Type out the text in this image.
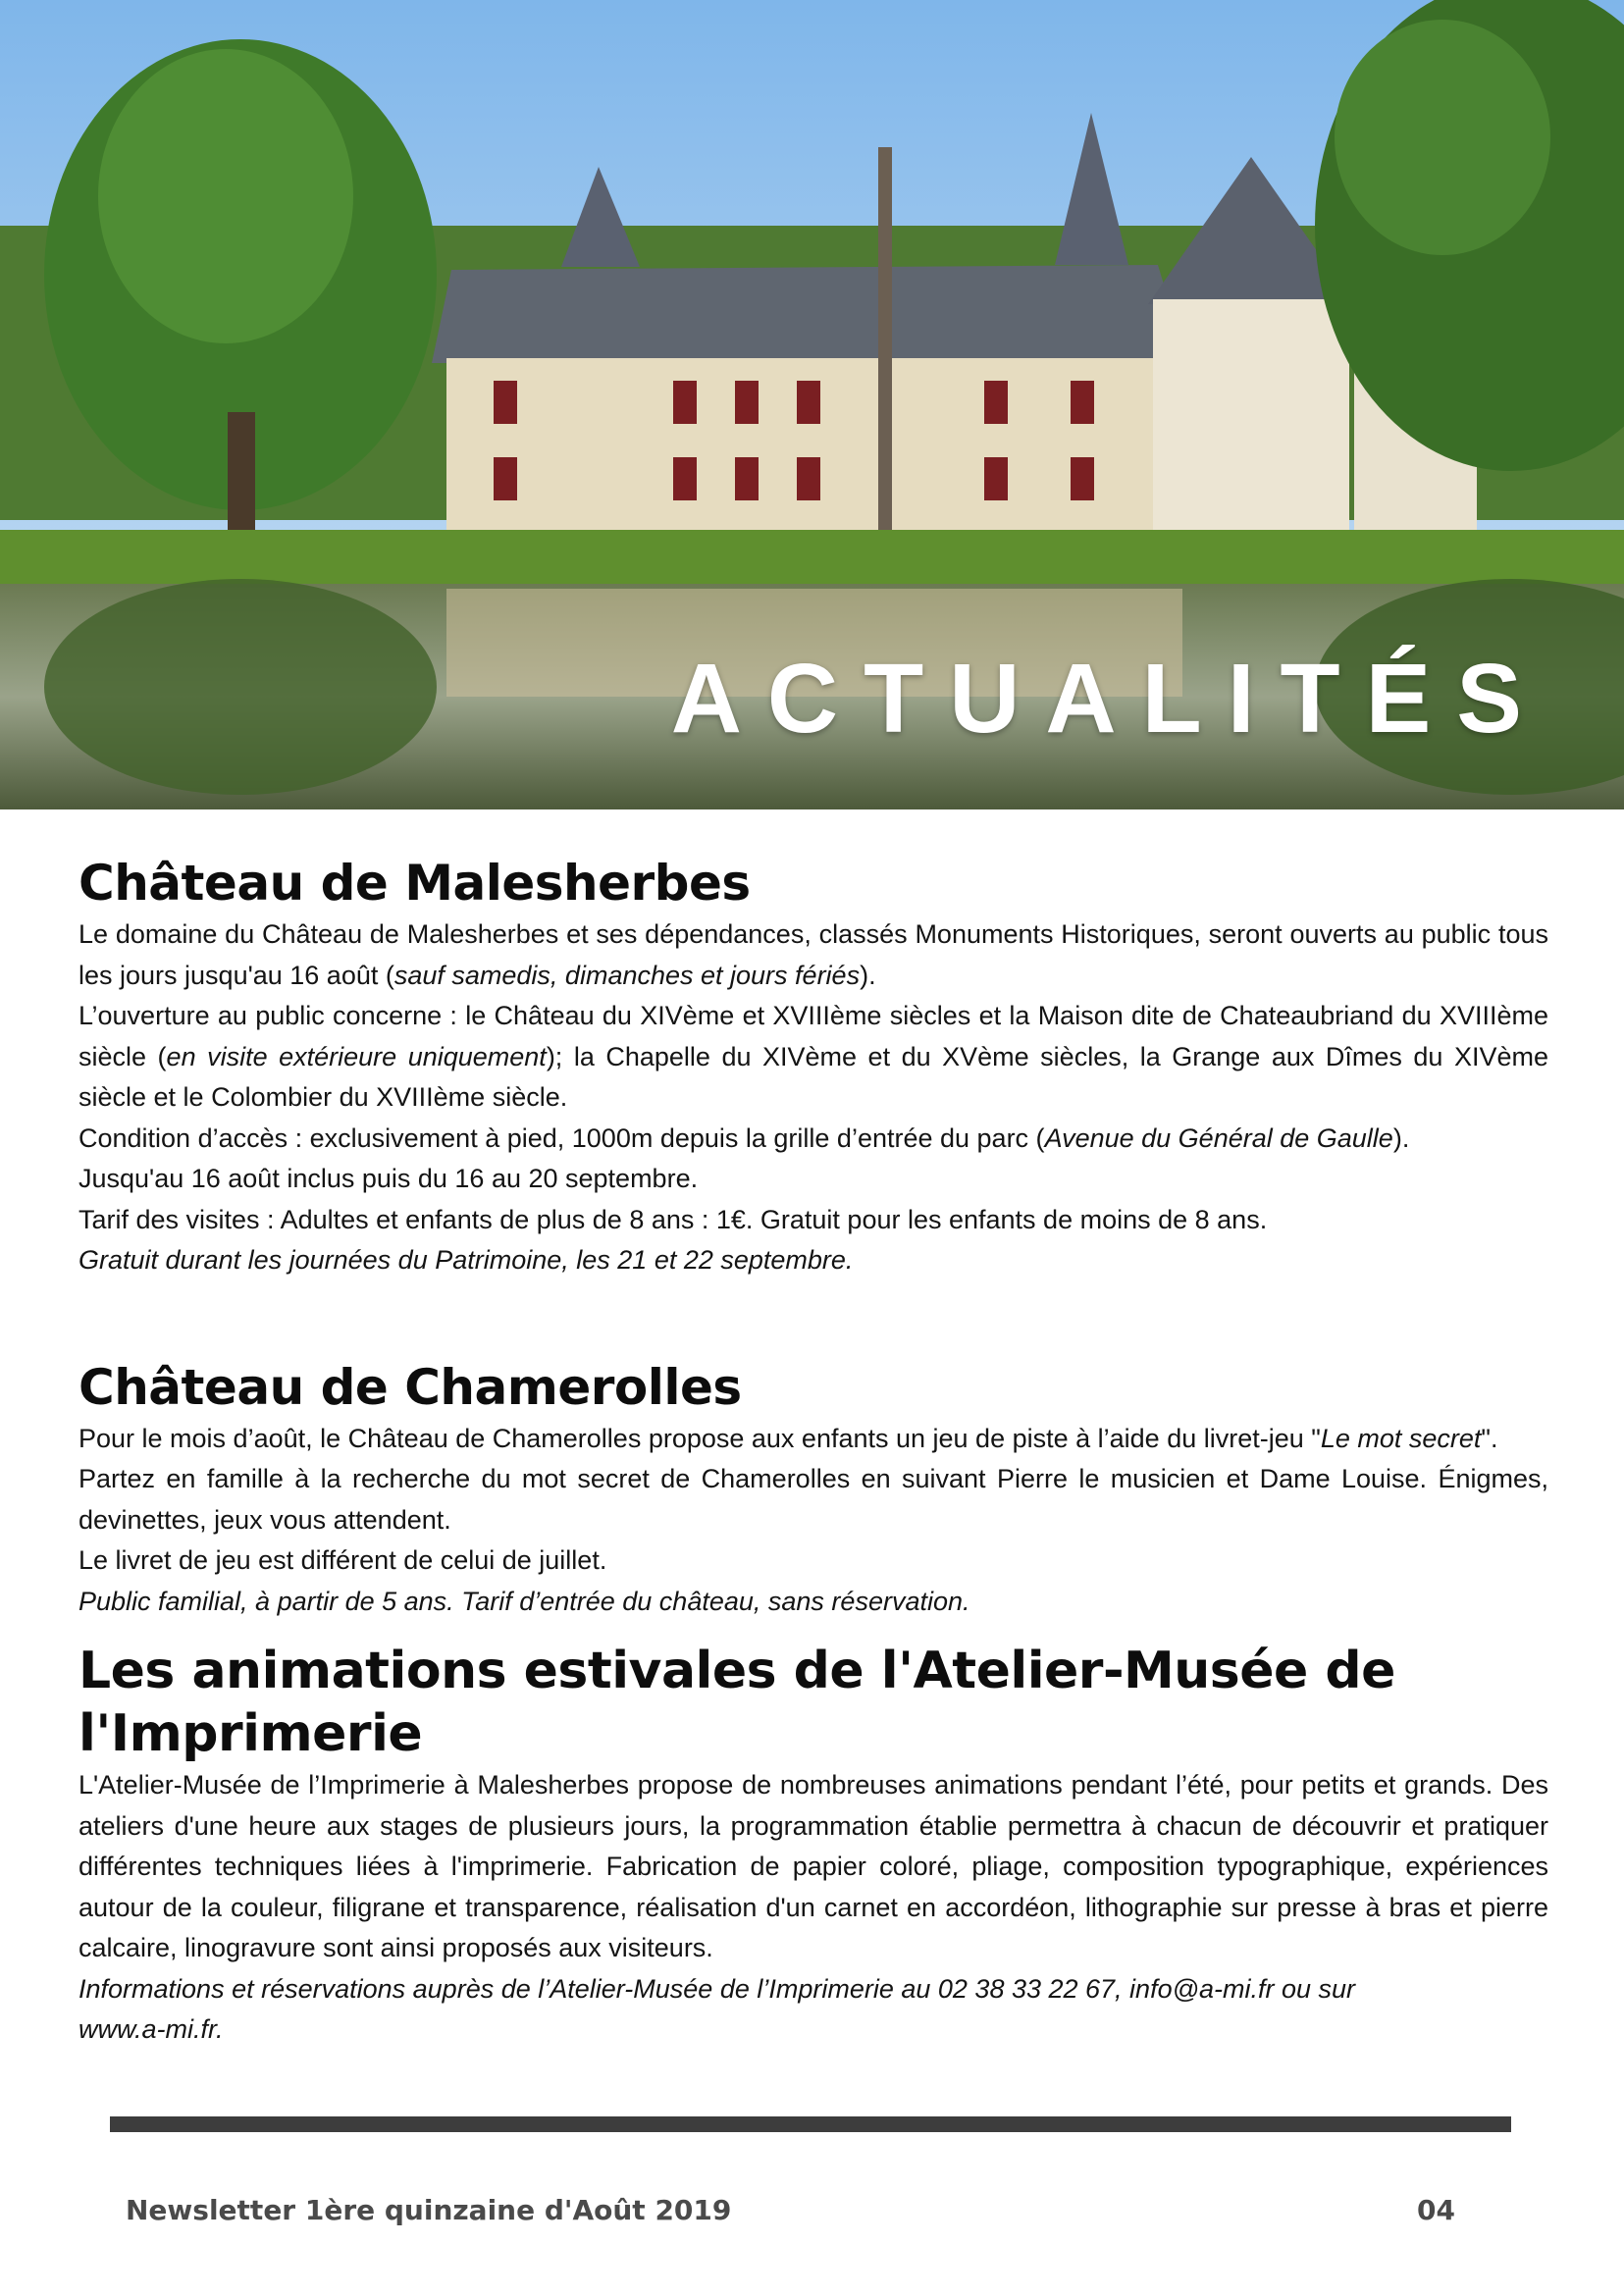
ACTUALITÉS
Château de Malesherbes

Le domaine du Château de Malesherbes et ses dépendances, classés Monuments Historiques, seront ouverts au public tous les jours jusqu'au 16 août (sauf samedis, dimanches et jours fériés).

L’ouverture au public concerne : le Château du XIVème et XVIIIème siècles et la Maison dite de Chateaubriand du XVIIIème siècle (en visite extérieure uniquement); la Chapelle du XIVème et du XVème siècles, la Grange aux Dîmes du XIVème siècle et le Colombier du XVIIIème siècle.

Condition d’accès : exclusivement à pied, 1000m depuis la grille d’entrée du parc (Avenue du Général de Gaulle).

Jusqu'au 16 août inclus puis du 16 au 20 septembre.

Tarif des visites : Adultes et enfants de plus de 8 ans : 1€. Gratuit pour les enfants de moins de 8 ans.

Gratuit durant les journées du Patrimoine, les 21 et 22 septembre.

Château de Chamerolles

Pour le mois d’août, le Château de Chamerolles propose aux enfants un jeu de piste à l’aide du livret-jeu "Le mot secret".

Partez en famille à la recherche du mot secret de Chamerolles en suivant Pierre le musicien et Dame Louise. Énigmes, devinettes, jeux vous attendent.

Le livret de jeu est différent de celui de juillet.

Public familial, à partir de 5 ans. Tarif d’entrée du château, sans réservation.

Les animations estivales de l'Atelier-Musée de l'Imprimerie

L'Atelier-Musée de l’Imprimerie à Malesherbes propose de nombreuses animations pendant l’été, pour petits et grands. Des ateliers d'une heure aux stages de plusieurs jours, la programmation établie permettra à chacun de découvrir et pratiquer différentes techniques liées à l'imprimerie. Fabrication de papier coloré, pliage, composition typographique, expériences autour de la couleur, filigrane et transparence, réalisation d'un carnet en accordéon, lithographie sur presse à bras et pierre calcaire, linogravure sont ainsi proposés aux visiteurs.

Informations et réservations auprès de l’Atelier-Musée de l’Imprimerie au 02 38 33 22 67, info@a-mi.fr ou sur

www.a-mi.fr.

Newsletter 1ère quinzaine d'Août 2019	04
